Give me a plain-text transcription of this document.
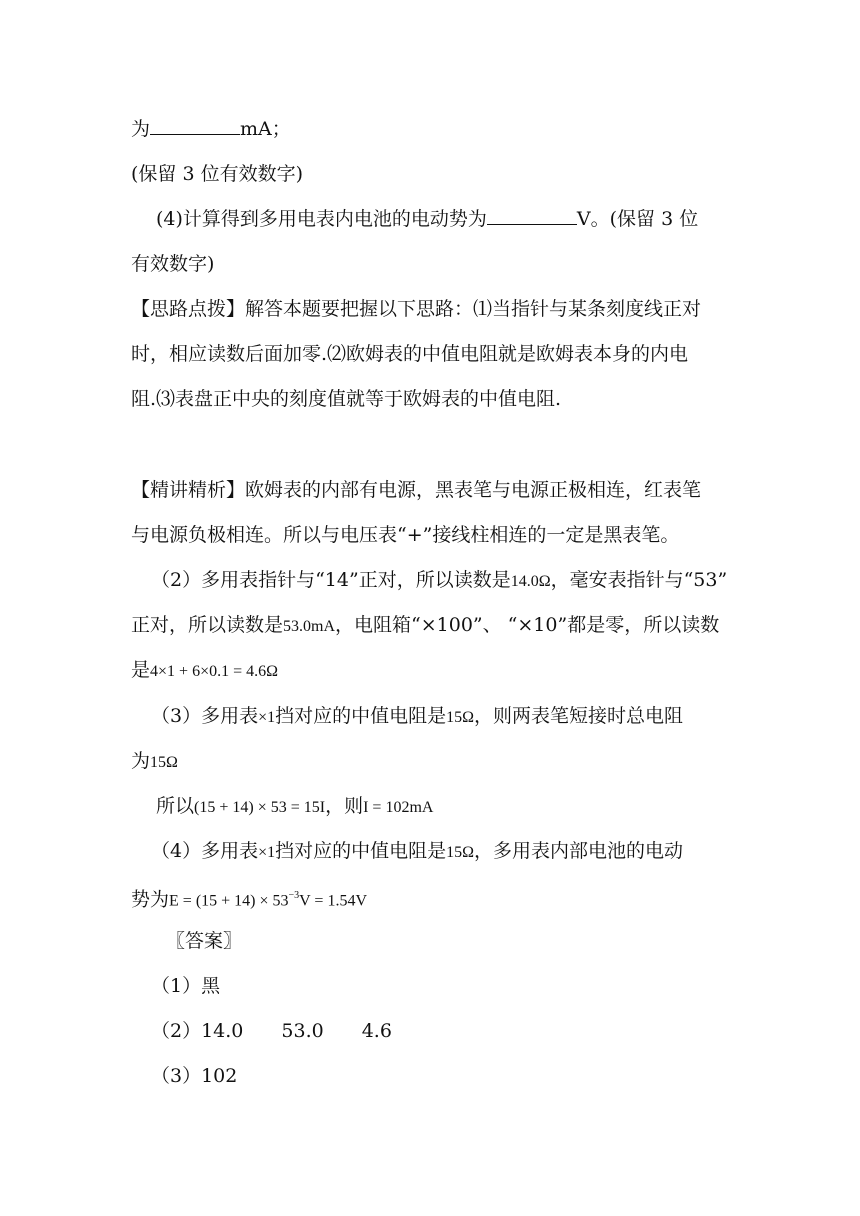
为	mA；
(保留 3 位有效数字)
(4)计算得到多用电表内电池的电动势为	V。(保留 3 位
有效数字)
【思路点拨】解答本题要把握以下思路：⑴当指针与某条刻度线正对
时，相应读数后面加零.⑵欧姆表的中值电阻就是欧姆表本身的内电
阻.⑶表盘正中央的刻度值就等于欧姆表的中值电阻.
【精讲精析】欧姆表的内部有电源，黑表笔与电源正极相连，红表笔
与电源负极相连。所以与电压表“+”接线柱相连的一定是黑表笔。
（2）多用表指针与“14”正对，所以读数是14.0Ω，毫安表指针与“53”
正对，所以读数是53.0mA，电阻箱“×100”、 “×10”都是零，所以读数
是4×1 + 6×0.1 = 4.6Ω
（3）多用表×1挡对应的中值电阻是15Ω，则两表笔短接时总电阻
为15Ω
所以(15 + 14) × 53 = 15I，则I = 102mA
（4）多用表×1挡对应的中值电阻是15Ω，多用表内部电池的电动
势为$E = (15 + 14) \times 53^{-3}V = 1.54V$
〖答案〗
（1）黑
（2）14.0　　53.0　　4.6
（3）102
